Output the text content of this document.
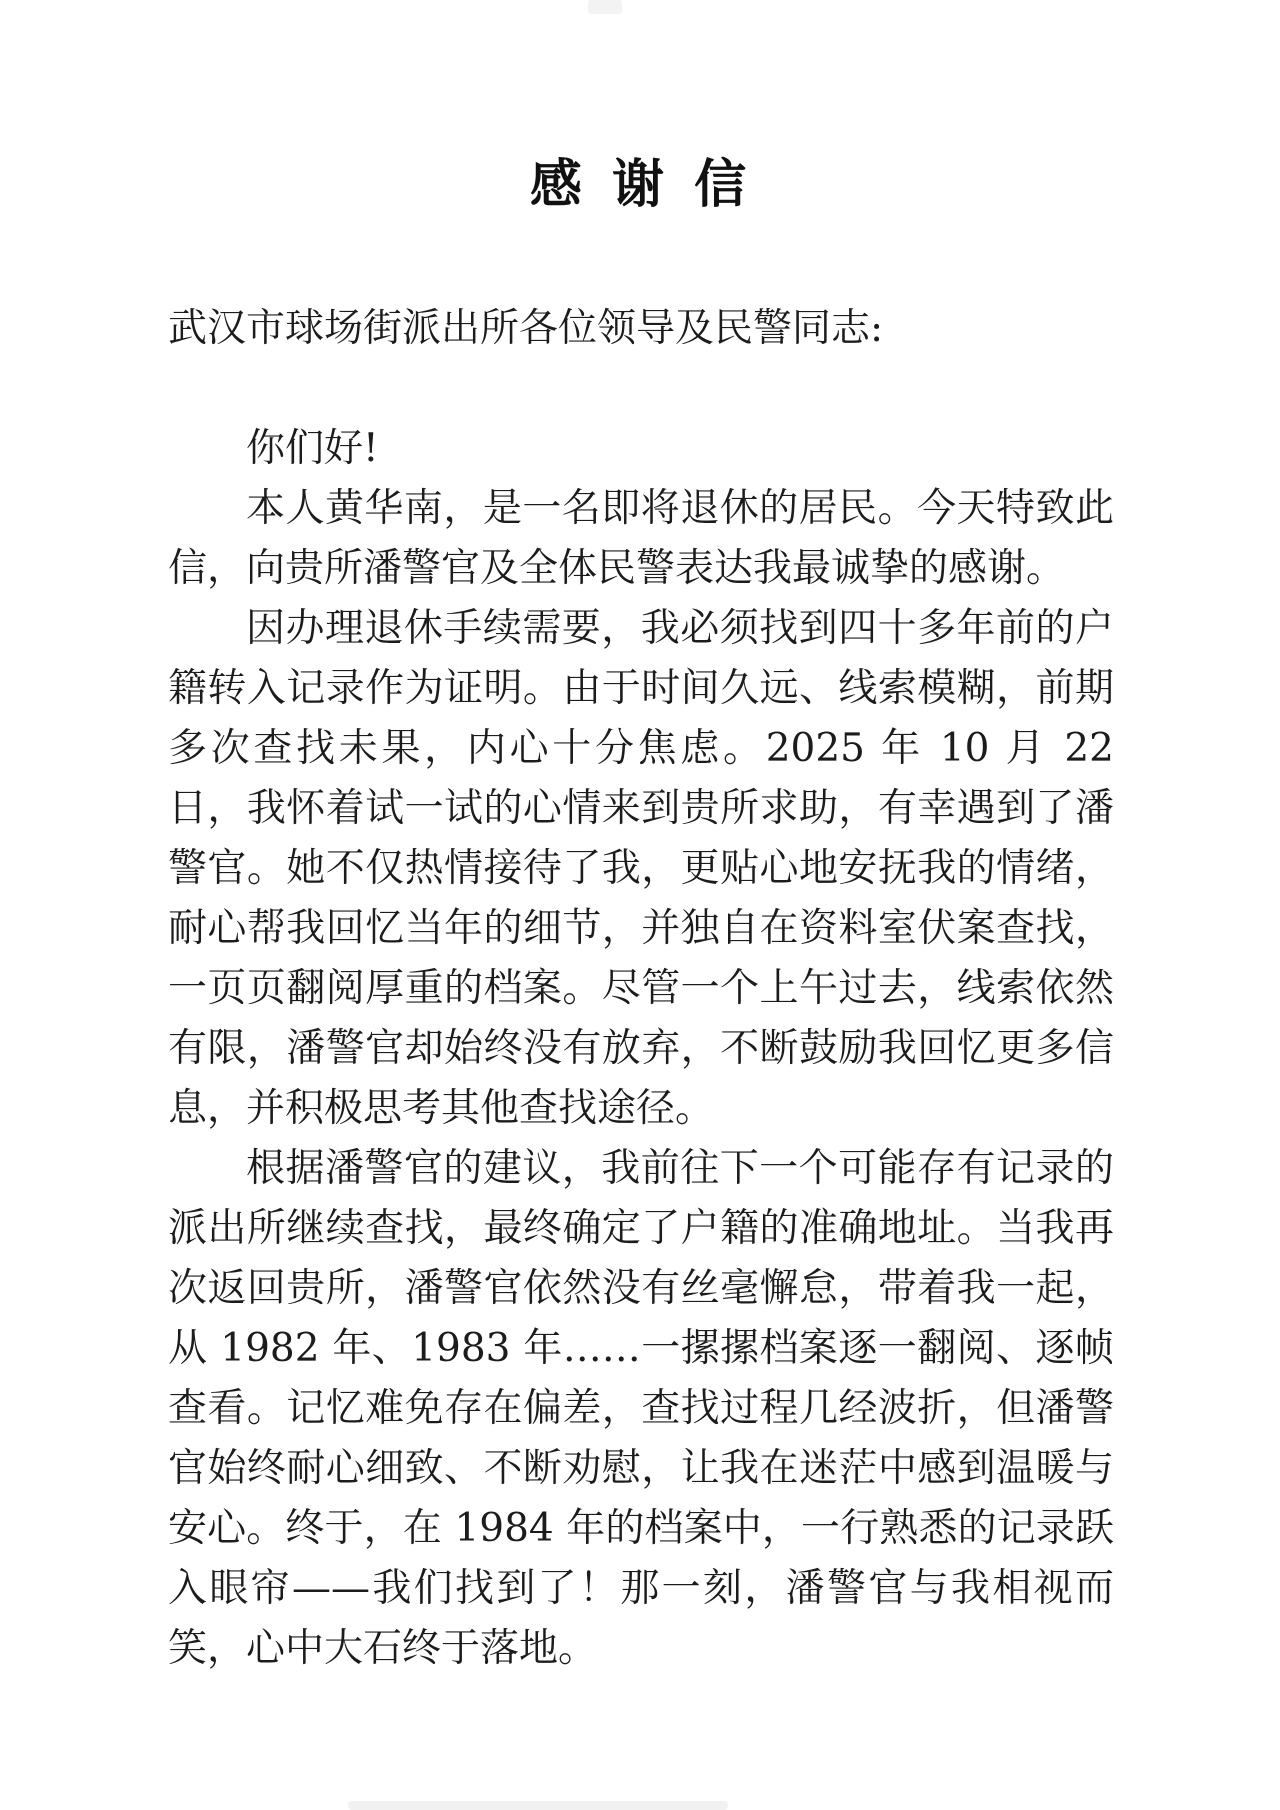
感 谢 信

武汉市球场街派出所各位领导及民警同志:

你们好!

本人黄华南，是一名即将退休的居民。今天特致此信，向贵所潘警官及全体民警表达我最诚挚的感谢。

因办理退休手续需要，我必须找到四十多年前的户籍转入记录作为证明。由于时间久远、线索模糊，前期多次查找未果，内心十分焦虑。2025 年 10 月 22 日，我怀着试一试的心情来到贵所求助，有幸遇到了潘警官。她不仅热情接待了我，更贴心地安抚我的情绪，耐心帮我回忆当年的细节，并独自在资料室伏案查找，一页页翻阅厚重的档案。尽管一个上午过去，线索依然有限，潘警官却始终没有放弃，不断鼓励我回忆更多信息，并积极思考其他查找途径。

根据潘警官的建议，我前往下一个可能存有记录的派出所继续查找，最终确定了户籍的准确地址。当我再次返回贵所，潘警官依然没有丝毫懈怠，带着我一起，从 1982 年、1983 年……一摞摞档案逐一翻阅、逐帧查看。记忆难免存在偏差，查找过程几经波折，但潘警官始终耐心细致、不断劝慰，让我在迷茫中感到温暖与安心。终于，在 1984 年的档案中，一行熟悉的记录跃入眼帘——我们找到了！那一刻，潘警官与我相视而笑，心中大石终于落地。
